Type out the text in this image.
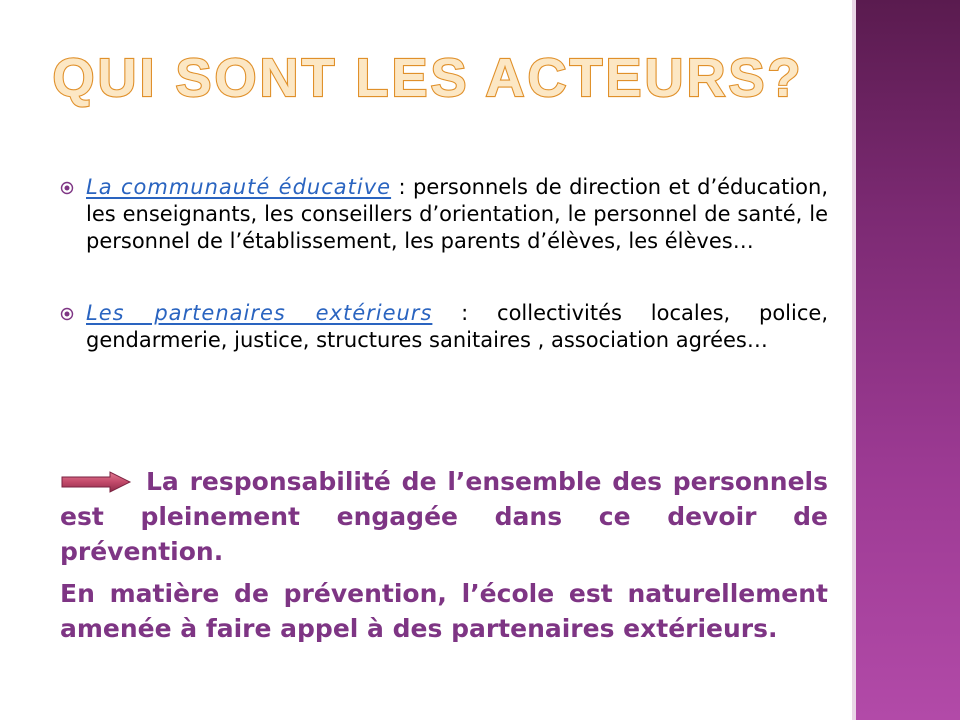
QUI SONT LES ACTEURS?
La communauté éducative : personnels de direction et d’éducation, les enseignants, les conseillers d’orientation, le personnel de santé, le personnel de l’établissement, les parents d’élèves, les élèves…
Les partenaires extérieurs : collectivités locales, police, gendarmerie, justice, structures sanitaires , association agrées…

La responsabilité de l’ensemble des personnels est pleinement engagée dans ce devoir de prévention.

En matière de prévention, l’école est naturellement amenée à faire appel à des partenaires extérieurs.
